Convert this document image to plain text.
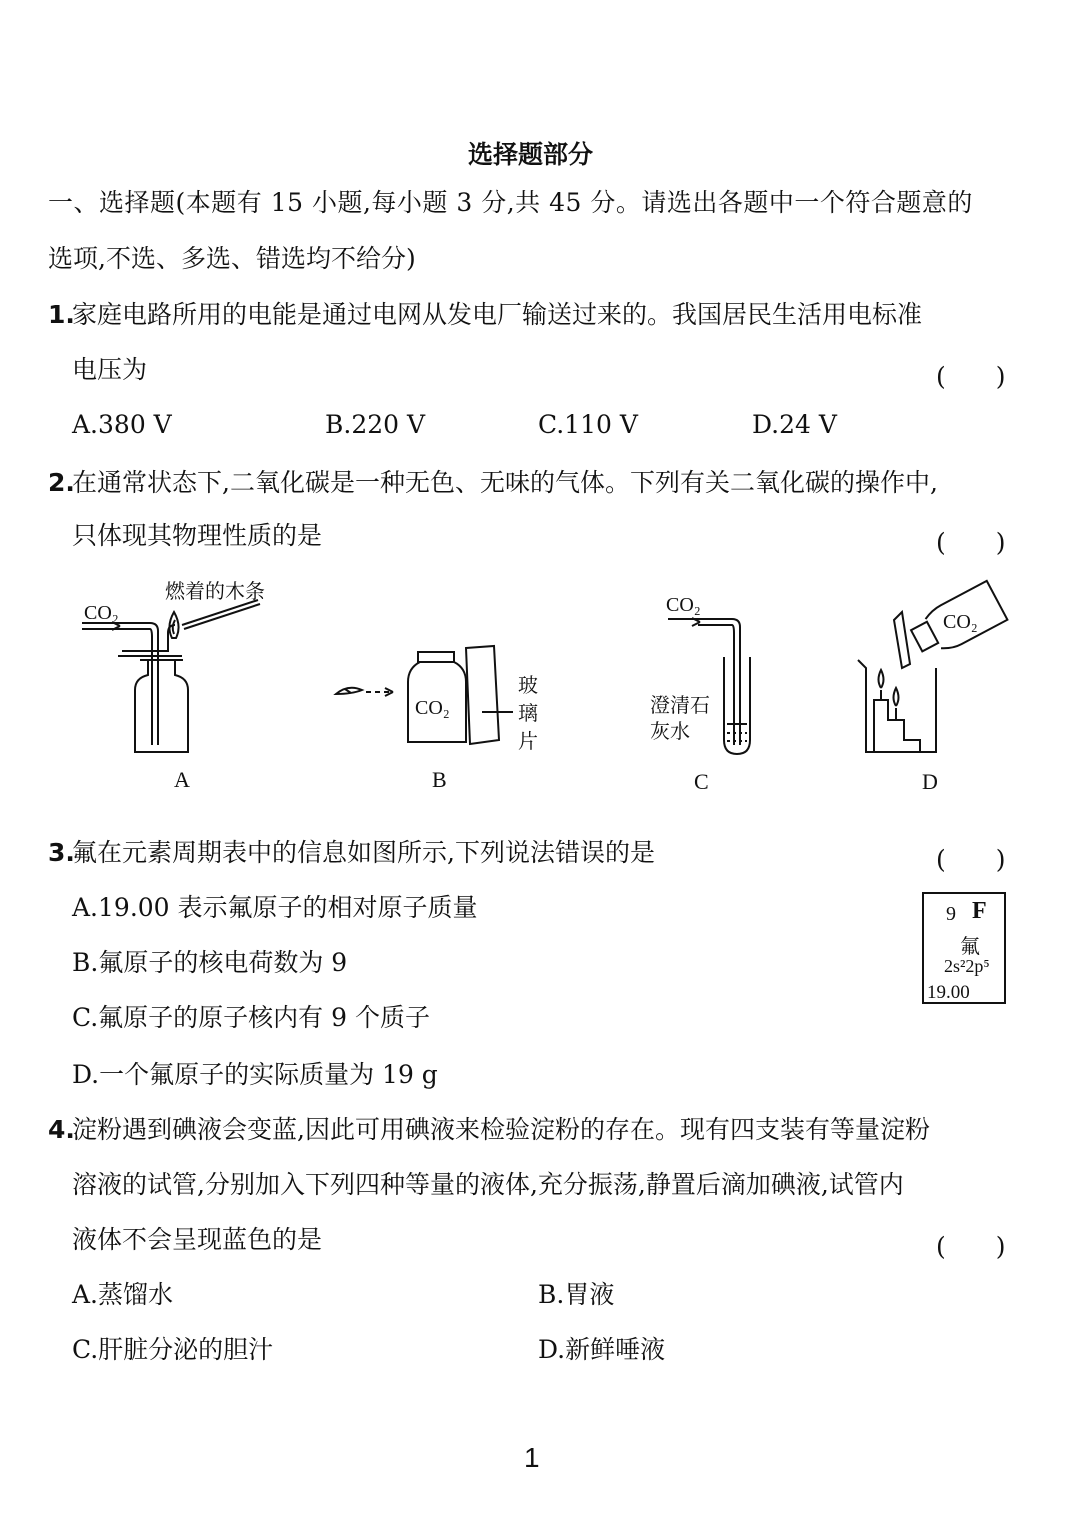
选择题部分
一、选择题(本题有 15 小题,每小题 3 分,共 45 分。请选出各题中一个符合题意的
选项,不选、多选、错选均不给分)
1.
家庭电路所用的电能是通过电网从发电厂输送过来的。我国居民生活用电标准
电压为	(　　)
A.380 V	B.220 V	C.110 V	D.24 V
2.
在通常状态下,二氧化碳是一种无色、无味的气体。下列有关二氧化碳的操作中,
只体现其物理性质的是	(　　)
CO₂
燃着的木条
CO₂
玻
璃
片
CO₂
澄清石
灰水
CO₂
A	B	C	D
3.
氟在元素周期表中的信息如图所示,下列说法错误的是	(　　)
A.19.00 表示氟原子的相对原子质量
B.氟原子的核电荷数为 9
C.氟原子的原子核内有 9 个质子
D.一个氟原子的实际质量为 19 g
9 F
氟
2s²2p⁵
19.00
4.
淀粉遇到碘液会变蓝,因此可用碘液来检验淀粉的存在。现有四支装有等量淀粉
溶液的试管,分别加入下列四种等量的液体,充分振荡,静置后滴加碘液,试管内
液体不会呈现蓝色的是	(　　)
A.蒸馏水	B.胃液
C.肝脏分泌的胆汁	D.新鲜唾液
1
